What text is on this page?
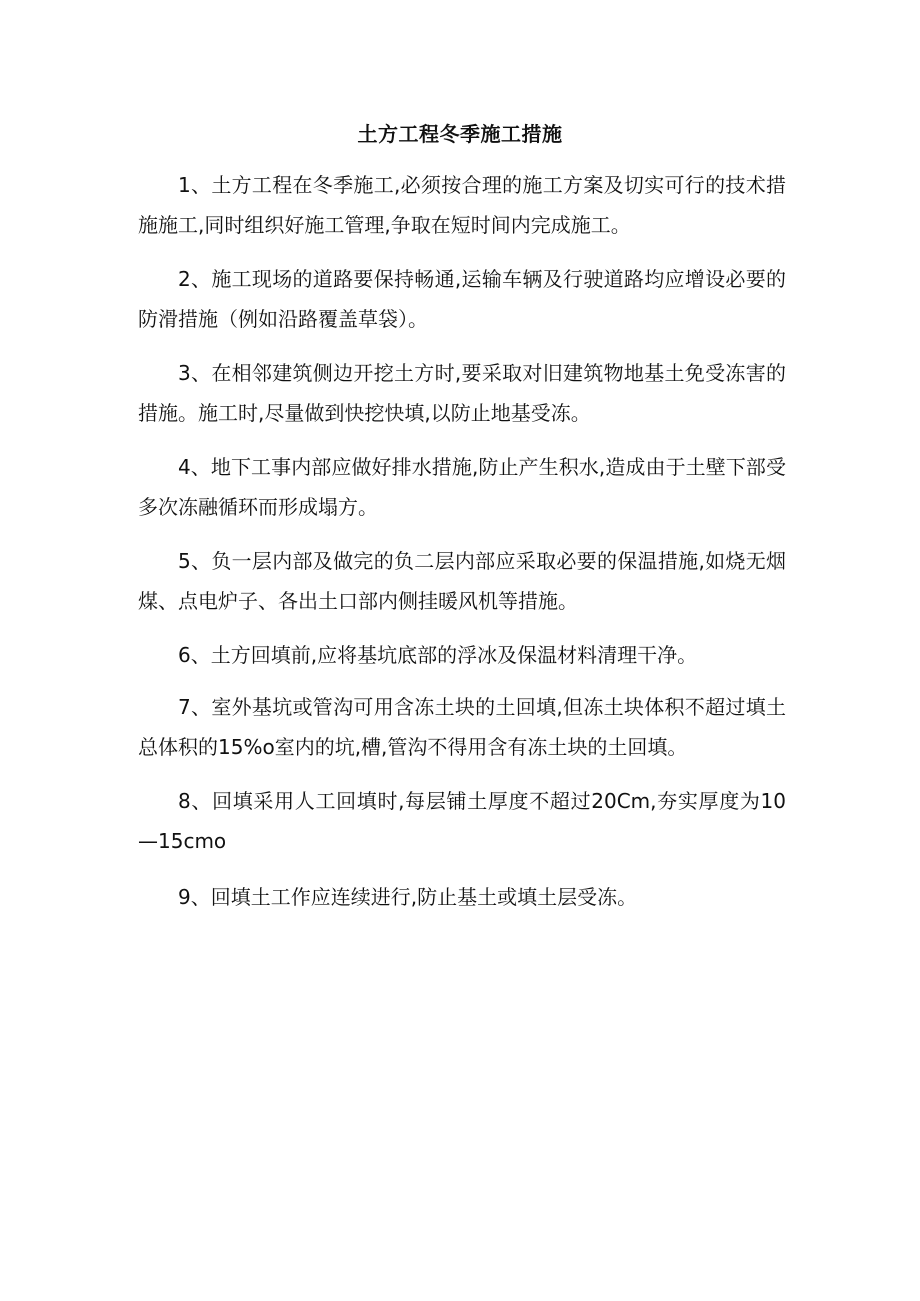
土方工程冬季施工措施

1、土方工程在冬季施工,必须按合理的施工方案及切实可行的技术措施施工,同时组织好施工管理,争取在短时间内完成施工。

2、施工现场的道路要保持畅通,运输车辆及行驶道路均应增设必要的防滑措施（例如沿路覆盖草袋）。

3、在相邻建筑侧边开挖土方时,要采取对旧建筑物地基土免受冻害的措施。施工时,尽量做到快挖快填,以防止地基受冻。

4、地下工事内部应做好排水措施,防止产生积水,造成由于土壁下部受多次冻融循环而形成塌方。

5、负一层内部及做完的负二层内部应采取必要的保温措施,如烧无烟煤、点电炉子、各出土口部内侧挂暖风机等措施。

6、土方回填前,应将基坑底部的浮冰及保温材料清理干净。

7、室外基坑或管沟可用含冻土块的土回填,但冻土块体积不超过填土总体积的15%o室内的坑,槽,管沟不得用含有冻土块的土回填。

8、回填采用人工回填时,每层铺土厚度不超过20Cm,夯实厚度为10—15cmo

9、回填土工作应连续进行,防止基土或填土层受冻。
